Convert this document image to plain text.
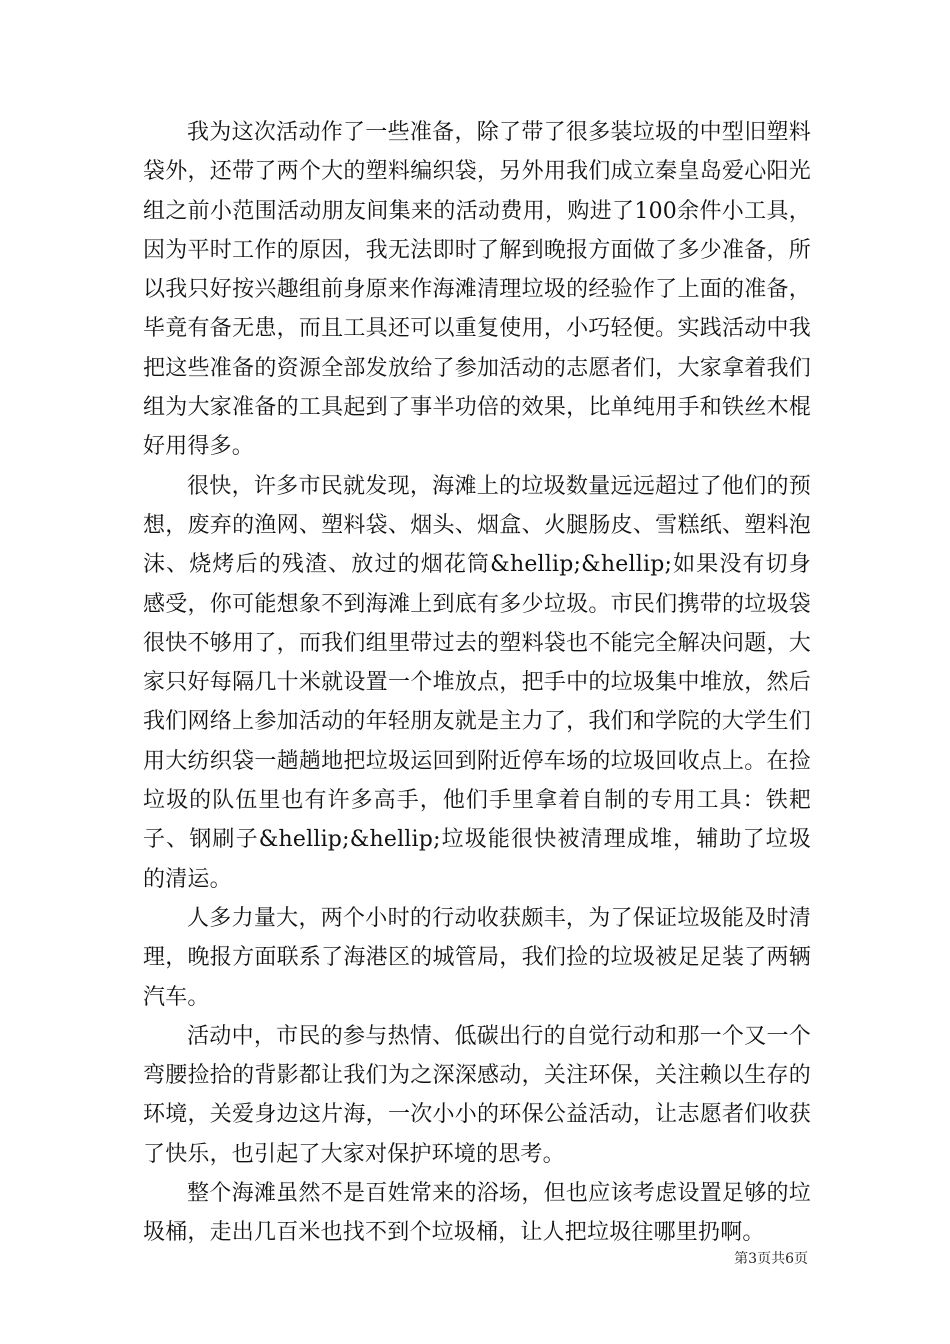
我为这次活动作了一些准备，除了带了很多装垃圾的中型旧塑料袋外，还带了两个大的塑料编织袋，另外用我们成立秦皇岛爱心阳光组之前小范围活动朋友间集来的活动费用，购进了100余件小工具，因为平时工作的原因，我无法即时了解到晚报方面做了多少准备，所以我只好按兴趣组前身原来作海滩清理垃圾的经验作了上面的准备，毕竟有备无患，而且工具还可以重复使用，小巧轻便。实践活动中我把这些准备的资源全部发放给了参加活动的志愿者们，大家拿着我们组为大家准备的工具起到了事半功倍的效果，比单纯用手和铁丝木棍好用得多。

很快，许多市民就发现，海滩上的垃圾数量远远超过了他们的预想，废弃的渔网、塑料袋、烟头、烟盒、火腿肠皮、雪糕纸、塑料泡沫、烧烤后的残渣、放过的烟花筒&hellip;&hellip;如果没有切身感受，你可能想象不到海滩上到底有多少垃圾。市民们携带的垃圾袋很快不够用了，而我们组里带过去的塑料袋也不能完全解决问题，大家只好每隔几十米就设置一个堆放点，把手中的垃圾集中堆放，然后我们网络上参加活动的年轻朋友就是主力了，我们和学院的大学生们用大纺织袋一趟趟地把垃圾运回到附近停车场的垃圾回收点上。在捡垃圾的队伍里也有许多高手，他们手里拿着自制的专用工具：铁耙子、钢刷子&hellip;&hellip;垃圾能很快被清理成堆，辅助了垃圾的清运。

人多力量大，两个小时的行动收获颇丰，为了保证垃圾能及时清理，晚报方面联系了海港区的城管局，我们捡的垃圾被足足装了两辆汽车。

活动中，市民的参与热情、低碳出行的自觉行动和那一个又一个弯腰捡拾的背影都让我们为之深深感动，关注环保，关注赖以生存的环境，关爱身边这片海，一次小小的环保公益活动，让志愿者们收获了快乐，也引起了大家对保护环境的思考。

整个海滩虽然不是百姓常来的浴场，但也应该考虑设置足够的垃圾桶，走出几百米也找不到个垃圾桶，让人把垃圾往哪里扔啊。

第3页共6页
